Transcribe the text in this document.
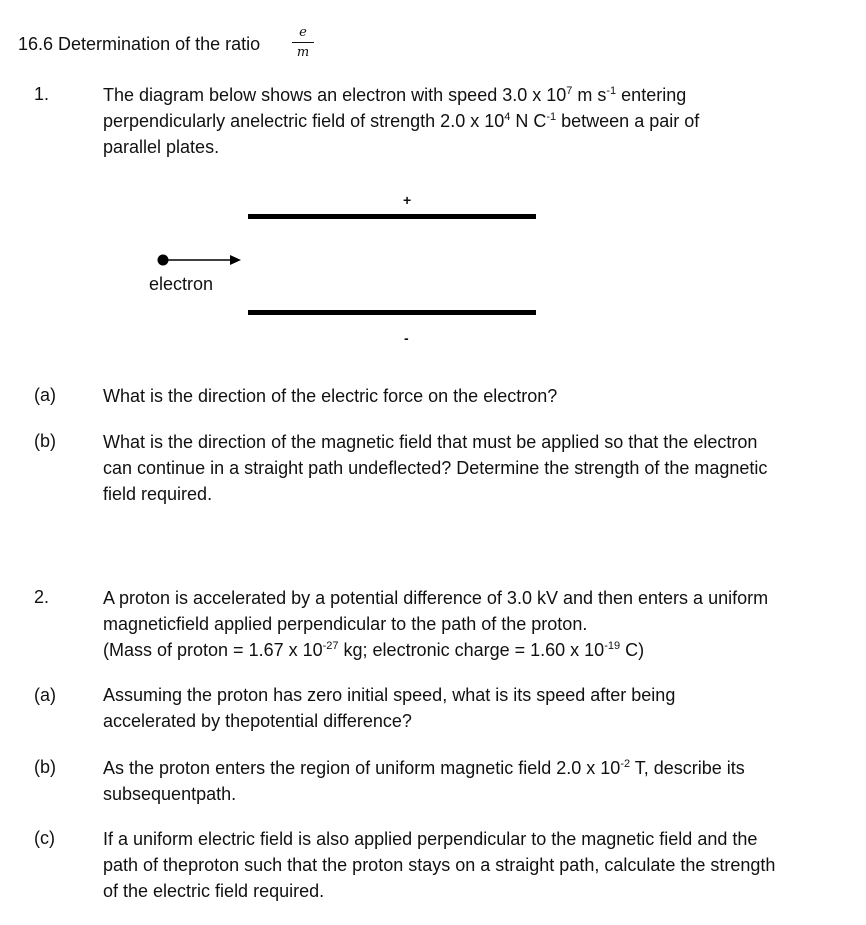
16.6 Determination of the ratio
e
m
1.	The diagram below shows an electron with speed 3.0 x $10^7$ m $s^{-1}$ entering
perpendicularly anelectric field of strength 2.0 x $10^4$ N $C^{-1}$ between a pair of
parallel plates.
+
electron
-
(a)	What is the direction of the electric force on the electron?
(b)	What is the direction of the magnetic field that must be applied so that the electron
can continue in a straight path undeflected? Determine the strength of the magnetic
field required.
2.	A proton is accelerated by a potential difference of 3.0 kV and then enters a uniform
magneticfield applied perpendicular to the path of the proton.
(Mass of proton = 1.67 x $10^{-27}$ kg; electronic charge = 1.60 x $10^{-19}$ C)
(a)	Assuming the proton has zero initial speed, what is its speed after being
accelerated by thepotential difference?
(b)	As the proton enters the region of uniform magnetic field 2.0 x $10^{-2}$ T, describe its
subsequentpath.
(c)	If a uniform electric field is also applied perpendicular to the magnetic field and the
path of theproton such that the proton stays on a straight path, calculate the strength
of the electric field required.
